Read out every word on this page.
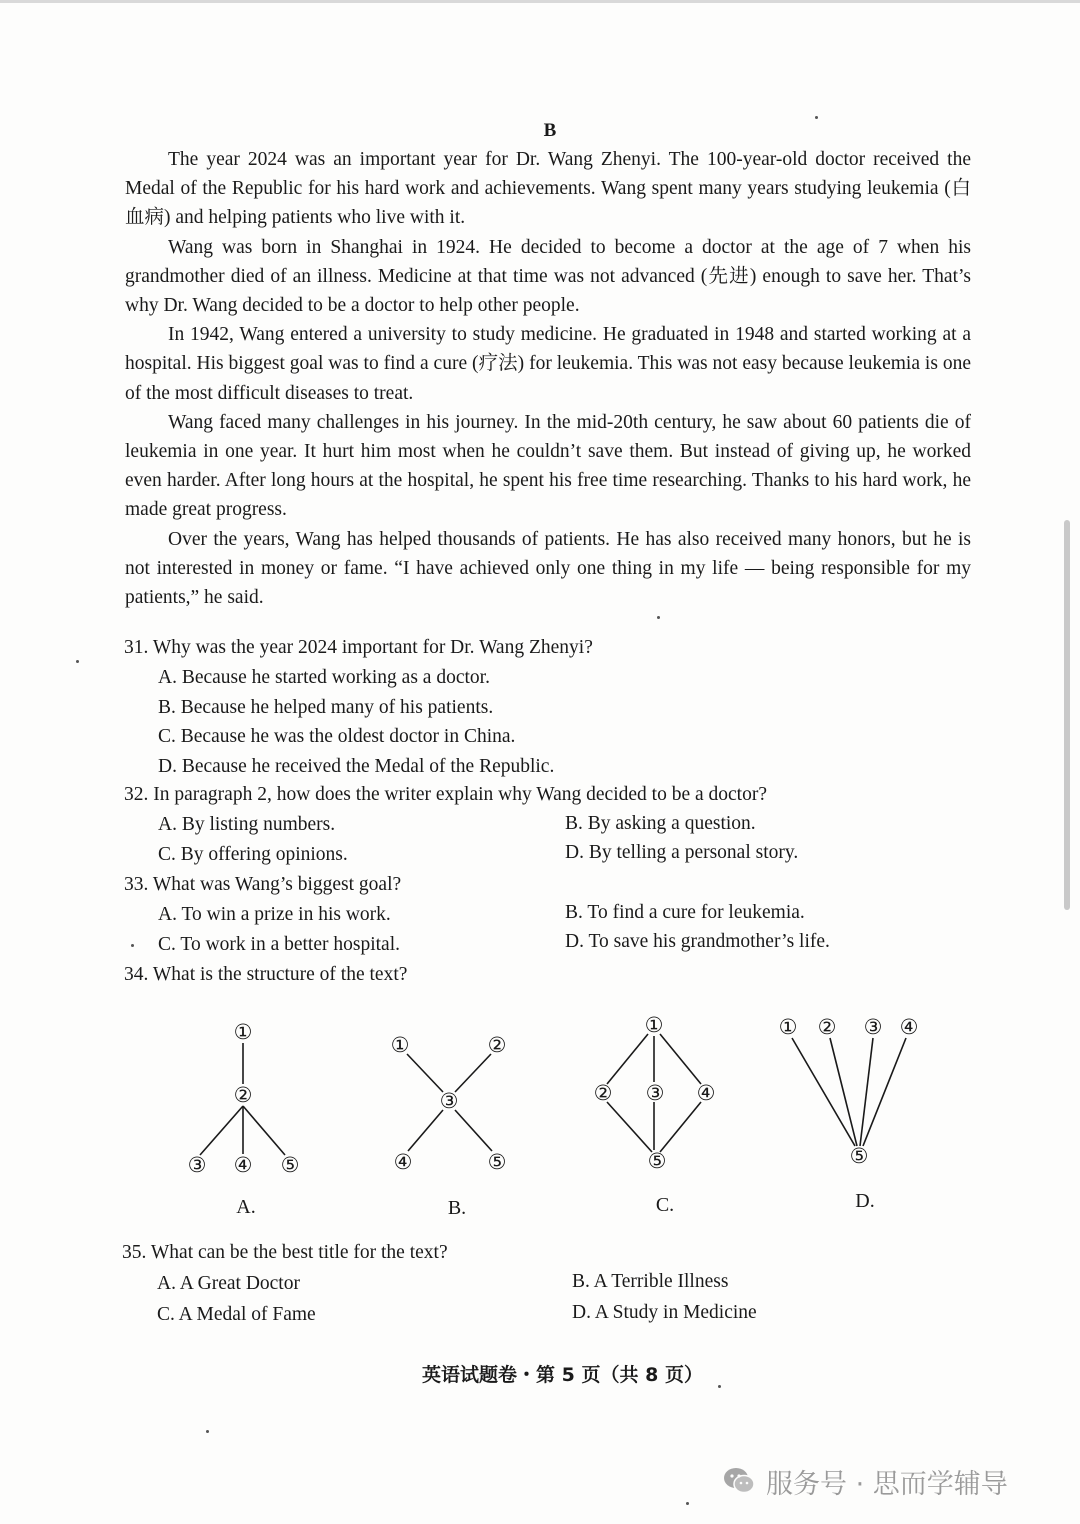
B

The year 2024 was an important year for Dr. Wang Zhenyi. The 100-year-old doctor received the Medal of the Republic for his hard work and achievements. Wang spent many years studying leukemia (白血病) and helping patients who live with it.

Wang was born in Shanghai in 1924. He decided to become a doctor at the age of 7 when his grandmother died of an illness. Medicine at that time was not advanced (先进) enough to save her. That’s why Dr. Wang decided to be a doctor to help other people.

In 1942, Wang entered a university to study medicine. He graduated in 1948 and started working at a hospital. His biggest goal was to find a cure (疗法) for leukemia. This was not easy because leukemia is one of the most difficult diseases to treat.

Wang faced many challenges in his journey. In the mid-20th century, he saw about 60 patients die of leukemia in one year. It hurt him most when he couldn’t save them. But instead of giving up, he worked even harder. After long hours at the hospital, he spent his free time researching. Thanks to his hard work, he made great progress.

Over the years, Wang has helped thousands of patients. He has also received many honors, but he is not interested in money or fame. “I have achieved only one thing in my life — being responsible for my patients,” he said.

31. Why was the year 2024 important for Dr. Wang Zhenyi?
A. Because he started working as a doctor.
B. Because he helped many of his patients.
C. Because he was the oldest doctor in China.
D. Because he received the Medal of the Republic.
32. In paragraph 2, how does the writer explain why Wang decided to be a doctor?
A. By listing numbers.	B. By asking a question.
C. By offering opinions.	D. By telling a personal story.
33. What was Wang’s biggest goal?
A. To win a prize in his work.	B. To find a cure for leukemia.
C. To work in a better hospital.	D. To save his grandmother’s life.
34. What is the structure of the text?
①
②
③ ④ ⑤
①	②
③
④	⑤
①
② ③ ④
⑤
① ② ③ ④
⑤
A.	B.	C.	D.
35. What can be the best title for the text?
A. A Great Doctor	B. A Terrible Illness
C. A Medal of Fame	D. A Study in Medicine
英语试题卷・第 5 页（共 8 页）
服务号 · 思而学辅导
